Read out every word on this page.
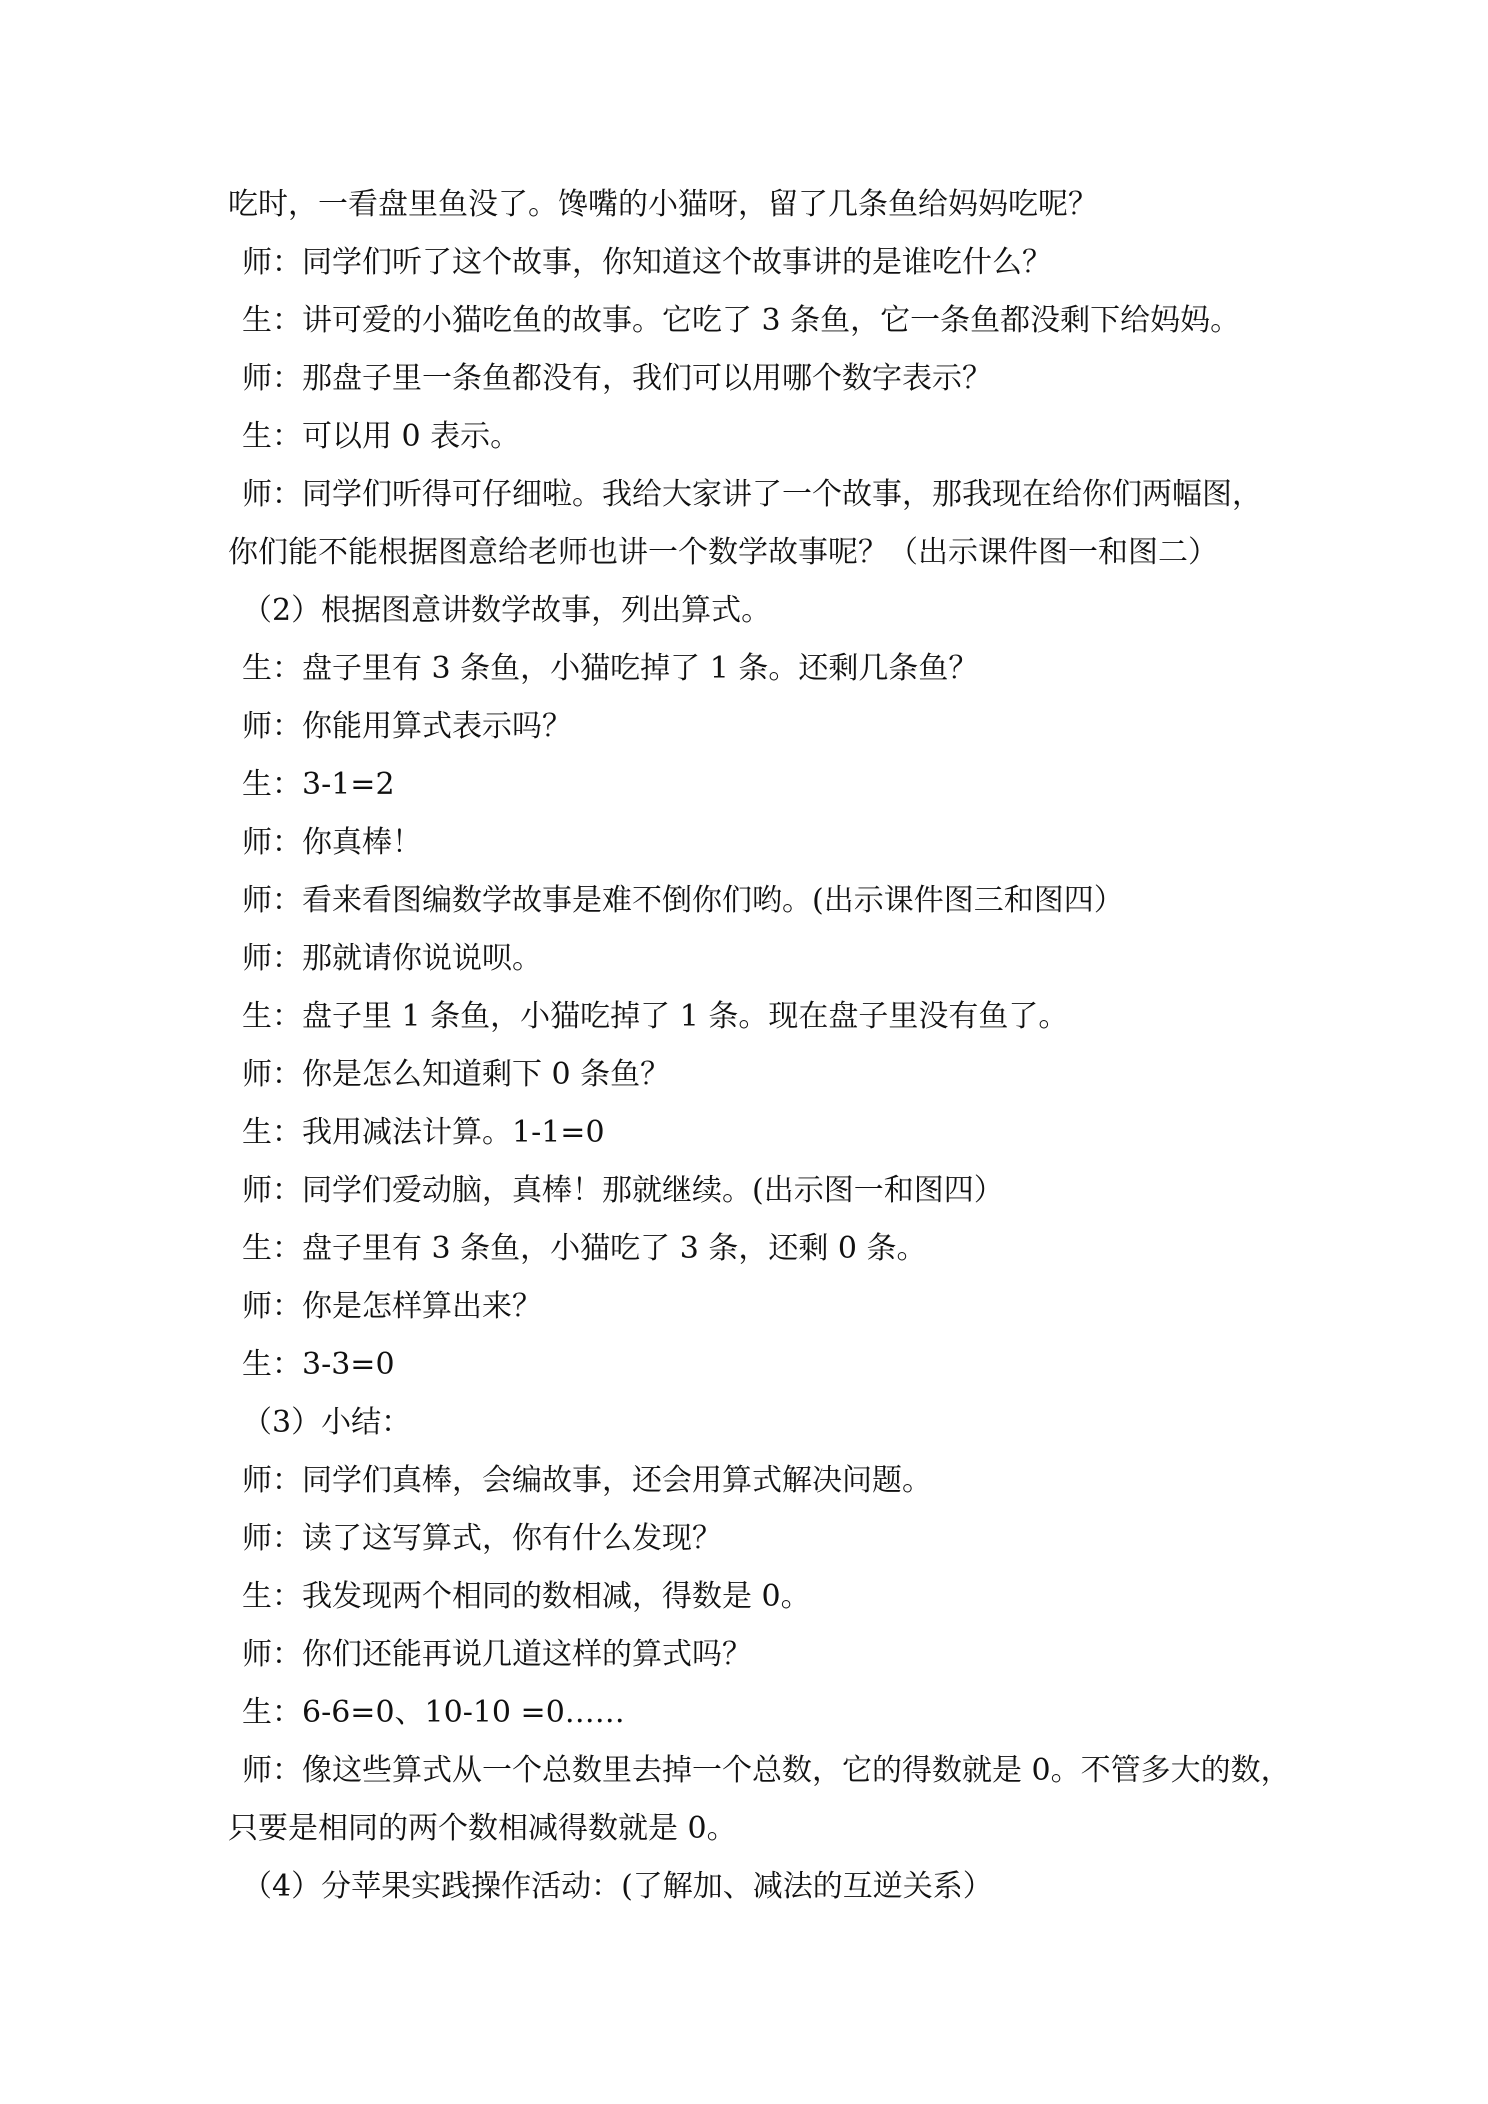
吃时，一看盘里鱼没了。馋嘴的小猫呀，留了几条鱼给妈妈吃呢？

师：同学们听了这个故事，你知道这个故事讲的是谁吃什么？

生：讲可爱的小猫吃鱼的故事。它吃了 3 条鱼，它一条鱼都没剩下给妈妈。

师：那盘子里一条鱼都没有，我们可以用哪个数字表示？

生：可以用 0 表示。

师：同学们听得可仔细啦。我给大家讲了一个故事，那我现在给你们两幅图，

你们能不能根据图意给老师也讲一个数学故事呢？（出示课件图一和图二）

（2）根据图意讲数学故事，列出算式。

生：盘子里有 3 条鱼，小猫吃掉了 1 条。还剩几条鱼？

师：你能用算式表示吗？

生：3-1=2

师：你真棒！

师：看来看图编数学故事是难不倒你们哟。(出示课件图三和图四）

师：那就请你说说呗。

生：盘子里 1 条鱼，小猫吃掉了 1 条。现在盘子里没有鱼了。

师：你是怎么知道剩下 0 条鱼？

生：我用减法计算。1-1=0

师：同学们爱动脑，真棒！那就继续。(出示图一和图四）

生：盘子里有 3 条鱼，小猫吃了 3 条，还剩 0 条。

师：你是怎样算出来？

生：3-3=0

（3）小结：

师：同学们真棒，会编故事，还会用算式解决问题。

师：读了这写算式，你有什么发现？

生：我发现两个相同的数相减，得数是 0。

师：你们还能再说几道这样的算式吗？

生：6-6=0、10-10 =0……

师：像这些算式从一个总数里去掉一个总数，它的得数就是 0。不管多大的数，

只要是相同的两个数相减得数就是 0。

（4）分苹果实践操作活动：(了解加、减法的互逆关系）
